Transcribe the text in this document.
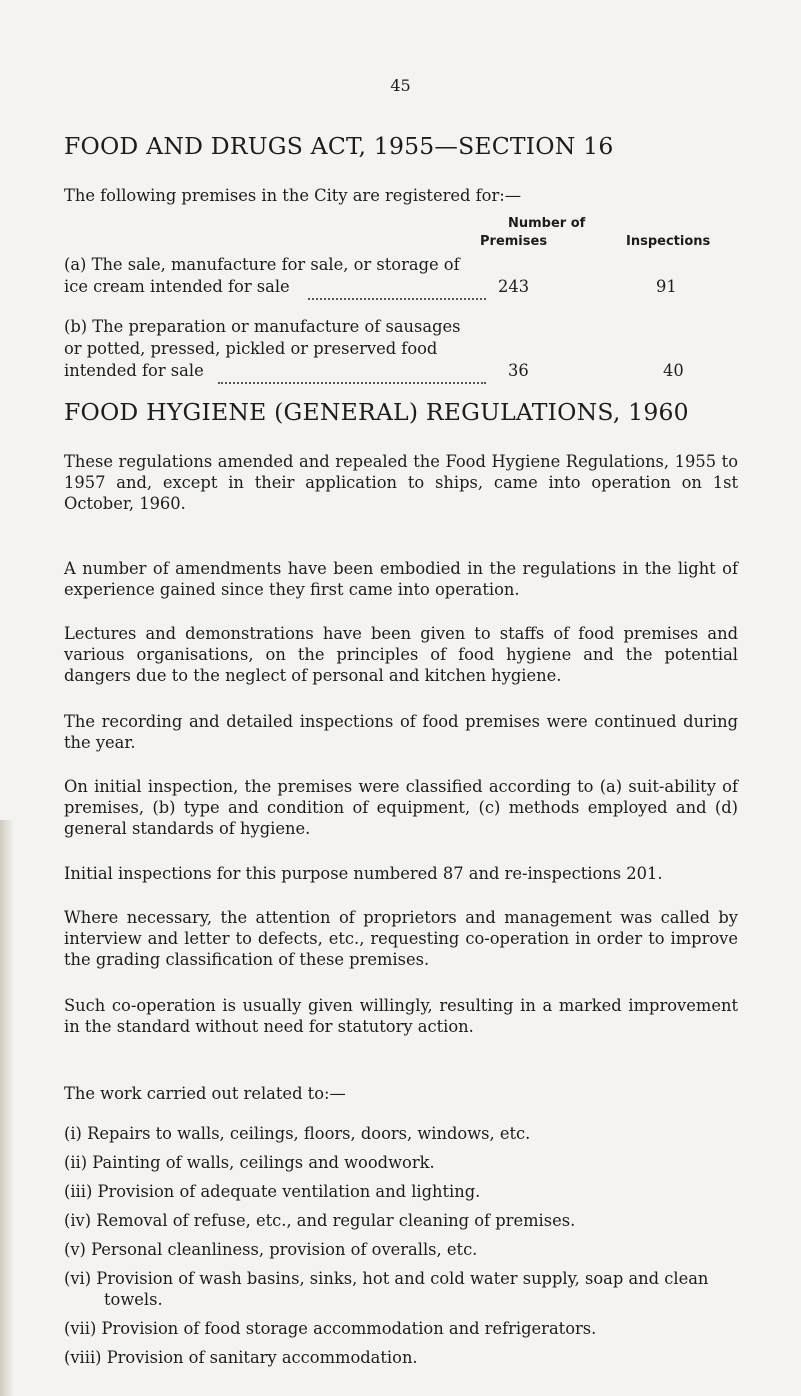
45
FOOD AND DRUGS ACT, 1955—SECTION 16
The following premises in the City are registered for:—
Number of
Premises	Inspections
(a) The sale, manufacture for sale, or storage of
ice cream intended for sale	243	91
(b) The preparation or manufacture of sausages
or potted, pressed, pickled or preserved food
intended for sale	36	40
FOOD HYGIENE (GENERAL) REGULATIONS, 1960

These regulations amended and repealed the Food Hygiene Regulations, 1955 to 1957 and, except in their application to ships, came into operation on 1st October, 1960.

A number of amendments have been embodied in the regulations in the light of experience gained since they first came into operation.

Lectures and demonstrations have been given to staffs of food premises and various organisations, on the principles of food hygiene and the potential dangers due to the neglect of personal and kitchen hygiene.

The recording and detailed inspections of food premises were continued during the year.

On initial inspection, the premises were classified according to (a) suit-ability of premises, (b) type and condition of equipment, (c) methods employed and (d) general standards of hygiene.

Initial inspections for this purpose numbered 87 and re-inspections 201.

Where necessary, the attention of proprietors and management was called by interview and letter to defects, etc., requesting co-operation in order to improve the grading classification of these premises.

Such co-operation is usually given willingly, resulting in a marked improvement in the standard without need for statutory action.

The work carried out related to:—

(i) Repairs to walls, ceilings, floors, doors, windows, etc.
(ii) Painting of walls, ceilings and woodwork.
(iii) Provision of adequate ventilation and lighting.
(iv) Removal of refuse, etc., and regular cleaning of premises.
(v) Personal cleanliness, provision of overalls, etc.
(vi) Provision of wash basins, sinks, hot and cold water supply, soap and clean towels.
(vii) Provision of food storage accommodation and refrigerators.
(viii) Provision of sanitary accommodation.
